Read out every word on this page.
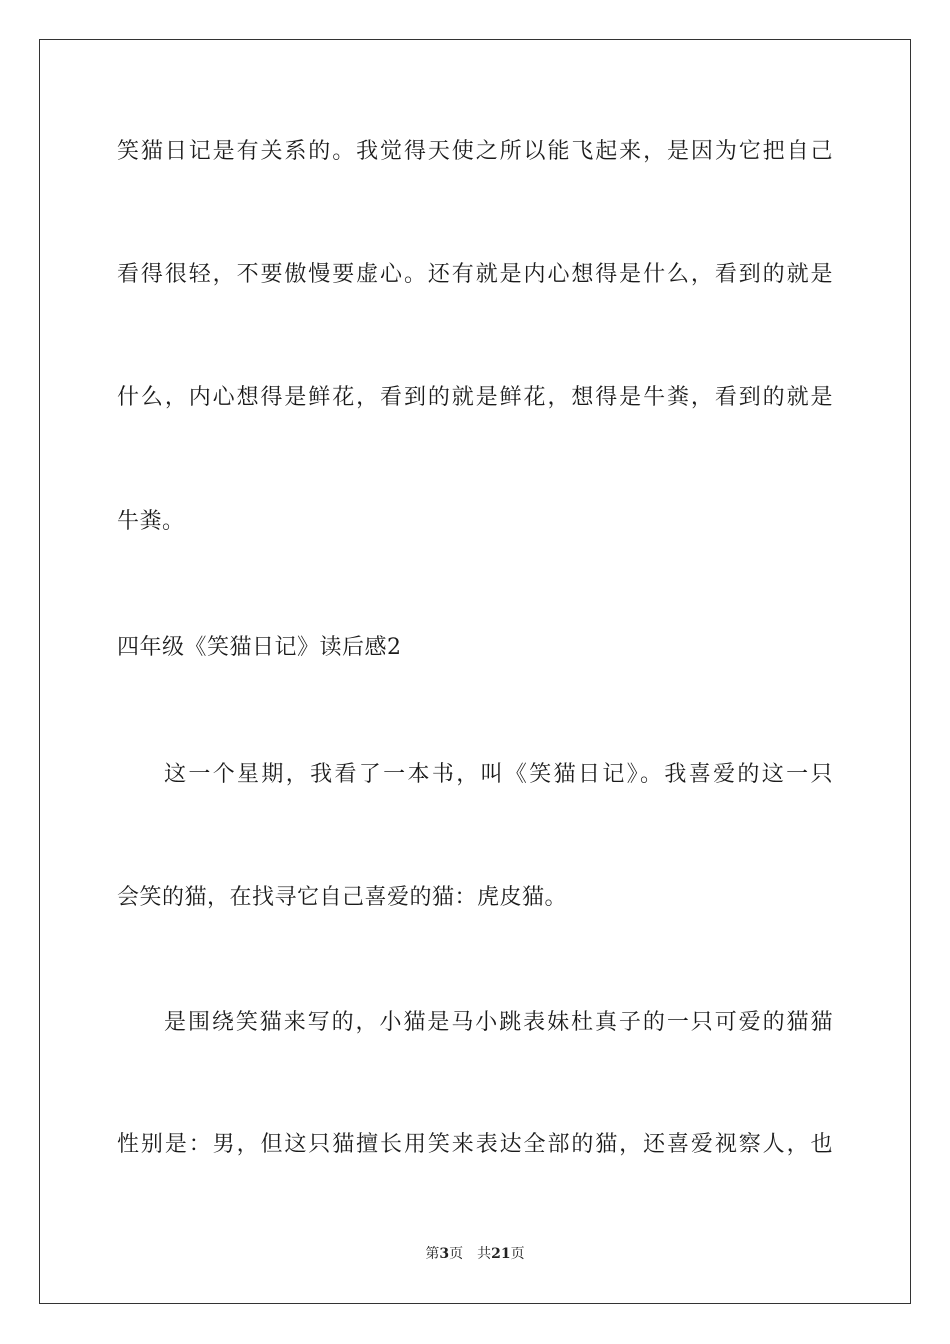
笑猫日记是有关系的。我觉得天使之所以能飞起来，是因为它把自己
看得很轻，不要傲慢要虚心。还有就是内心想得是什么，看到的就是
什么，内心想得是鲜花，看到的就是鲜花，想得是牛粪，看到的就是
牛粪。
四年级《笑猫日记》读后感2
这一个星期，我看了一本书，叫《笑猫日记》。我喜爱的这一只
会笑的猫，在找寻它自己喜爱的猫：虎皮猫。
是围绕笑猫来写的，小猫是马小跳表妹杜真子的一只可爱的猫猫
性别是：男，但这只猫擅长用笑来表达全部的猫，还喜爱视察人，也
第3页 共21页
